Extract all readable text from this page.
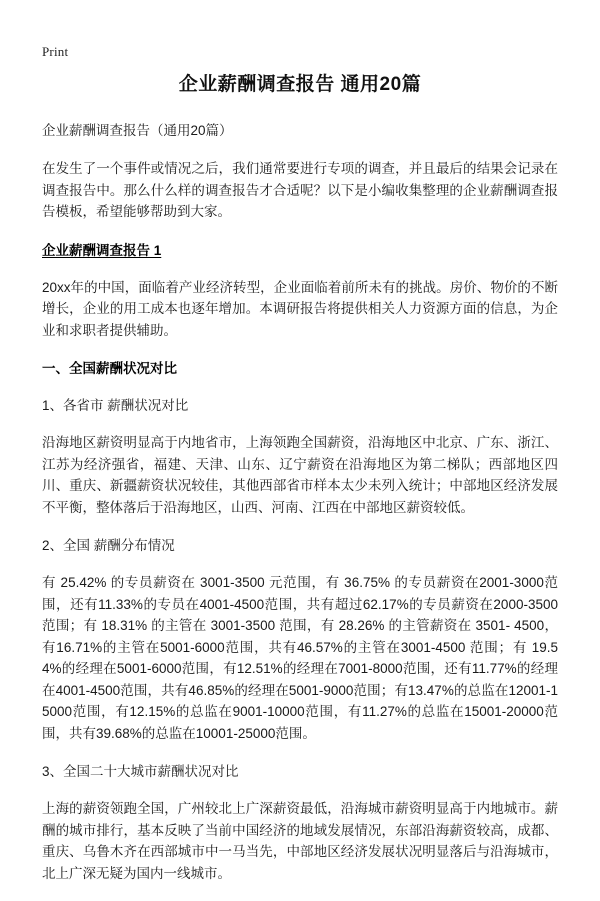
Print
企业薪酬调查报告 通用20篇

企业薪酬调查报告（通用20篇）

在发生了一个事件或情况之后，我们通常要进行专项的调查，并且最后的结果会记录在调查报告中。那么什么样的调查报告才合适呢？以下是小编收集整理的企业薪酬调查报告模板，希望能够帮助到大家。

企业薪酬调查报告 1

20xx年的中国，面临着产业经济转型，企业面临着前所未有的挑战。房价、物价的不断增长，企业的用工成本也逐年增加。本调研报告将提供相关人力资源方面的信息，为企业和求职者提供辅助。

一、全国薪酬状况对比

1、各省市 薪酬状况对比

沿海地区薪资明显高于内地省市，上海领跑全国薪资，沿海地区中北京、广东、浙江、江苏为经济强省，福建、天津、山东、辽宁薪资在沿海地区为第二梯队；西部地区四川、重庆、新疆薪资状况较佳，其他西部省市样本太少未列入统计；中部地区经济发展不平衡，整体落后于沿海地区，山西、河南、江西在中部地区薪资较低。

2、全国 薪酬分布情况

有 25.42% 的专员薪资在 3001-3500 元范围，有 36.75% 的专员薪资在2001-3000范围，还有11.33%的专员在4001-4500范围，共有超过62.17%的专员薪资在2000-3500范围；有 18.31% 的主管在 3001-3500 范围，有 28.26% 的主管薪资在 3501- 4500，有16.71%的主管在5001-6000范围，共有46.57%的主管在3001-4500 范围；有 19.54%的经理在5001-6000范围，有12.51%的经理在7001-8000范围，还有11.77%的经理在4001-4500范围，共有46.85%的经理在5001-9000范围；有13.47%的总监在12001-15000范围，有12.15%的总监在9001-10000范围，有11.27%的总监在15001-20000范围，共有39.68%的总监在10001-25000范围。

3、全国二十大城市薪酬状况对比

上海的薪资领跑全国，广州较北上广深薪资最低，沿海城市薪资明显高于内地城市。薪酬的城市排行，基本反映了当前中国经济的地域发展情况，东部沿海薪资较高，成都、重庆、乌鲁木齐在西部城市中一马当先，中部地区经济发展状况明显落后与沿海城市，北上广深无疑为国内一线城市。
